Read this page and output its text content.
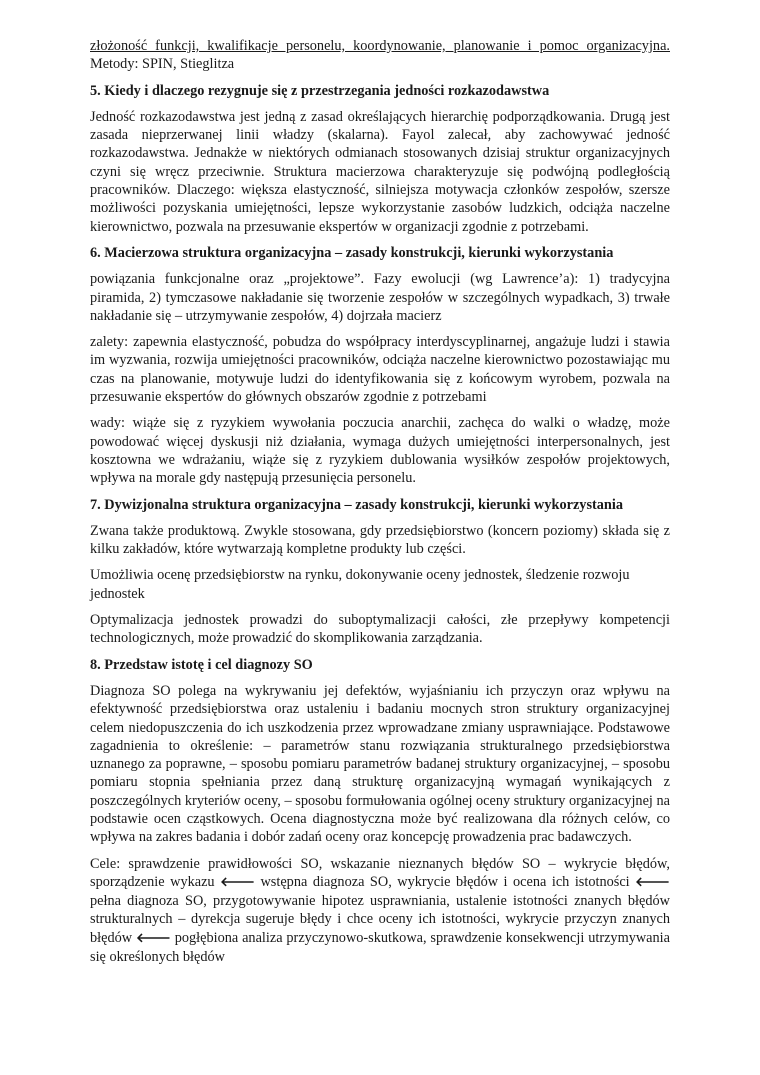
złożoność funkcji, kwalifikacje personelu, koordynowanie, planowanie i pomoc organizacyjna. Metody: SPIN, Stieglitza

5. Kiedy i dlaczego rezygnuje się z przestrzegania jedności rozkazodawstwa

Jedność rozkazodawstwa jest jedną z zasad określających hierarchię podporządkowania. Drugą jest zasada nieprzerwanej linii władzy (skalarna). Fayol zalecał, aby zachowywać jedność rozkazodawstwa. Jednakże w niektórych odmianach stosowanych dzisiaj struktur organizacyjnych czyni się wręcz przeciwnie. Struktura macierzowa charakteryzuje się podwójną podległością pracowników. Dlaczego: większa elastyczność, silniejsza motywacja członków zespołów, szersze możliwości pozyskania umiejętności, lepsze wykorzystanie zasobów ludzkich, odciąża naczelne kierownictwo, pozwala na przesuwanie ekspertów w organizacji zgodnie z potrzebami.

6. Macierzowa struktura organizacyjna – zasady konstrukcji, kierunki wykorzystania

powiązania funkcjonalne oraz „projektowe”. Fazy ewolucji (wg Lawrence’a): 1) tradycyjna piramida, 2) tymczasowe nakładanie się tworzenie zespołów w szczególnych wypadkach, 3) trwałe nakładanie się – utrzymywanie zespołów, 4) dojrzała macierz

zalety: zapewnia elastyczność, pobudza do współpracy interdyscyplinarnej, angażuje ludzi i stawia im wyzwania, rozwija umiejętności pracowników, odciąża naczelne kierownictwo pozostawiając mu czas na planowanie, motywuje ludzi do identyfikowania się z końcowym wyrobem, pozwala na przesuwanie ekspertów do głównych obszarów zgodnie z potrzebami

wady: wiąże się z ryzykiem wywołania poczucia anarchii, zachęca do walki o władzę, może powodować więcej dyskusji niż działania, wymaga dużych umiejętności interpersonalnych, jest kosztowna we wdrażaniu, wiąże się z ryzykiem dublowania wysiłków zespołów projektowych, wpływa na morale gdy następują przesunięcia personelu.

7. Dywizjonalna struktura organizacyjna – zasady konstrukcji, kierunki wykorzystania

Zwana także produktową. Zwykle stosowana, gdy przedsiębiorstwo (koncern poziomy) składa się z kilku zakładów, które wytwarzają kompletne produkty lub części.

Umożliwia ocenę przedsiębiorstw na rynku, dokonywanie oceny jednostek, śledzenie rozwoju jednostek

Optymalizacja jednostek prowadzi do suboptymalizacji całości, złe przepływy kompetencji technologicznych, może prowadzić do skomplikowania zarządzania.

8. Przedstaw istotę i cel diagnozy SO

Diagnoza SO polega na wykrywaniu jej defektów, wyjaśnianiu ich przyczyn oraz wpływu na efektywność przedsiębiorstwa oraz ustaleniu i badaniu mocnych stron struktury organizacyjnej celem niedopuszczenia do ich uszkodzenia przez wprowadzane zmiany usprawniające. Podstawowe zagadnienia to określenie: – parametrów stanu rozwiązania strukturalnego przedsiębiorstwa uznanego za poprawne, – sposobu pomiaru parametrów badanej struktury organizacyjnej, – sposobu pomiaru stopnia spełniania przez daną strukturę organizacyjną wymagań wynikających z poszczególnych kryteriów oceny, – sposobu formułowania ogólnej oceny struktury organizacyjnej na podstawie ocen cząstkowych. Ocena diagnostyczna może być realizowana dla różnych celów, co wpływa na zakres badania i dobór zadań oceny oraz koncepcję prowadzenia prac badawczych.

Cele: sprawdzenie prawidłowości SO, wskazanie nieznanych błędów SO – wykrycie błędów, sporządzenie wykazu 🡐 wstępna diagnoza SO, wykrycie błędów i ocena ich istotności 🡐 pełna diagnoza SO, przygotowywanie hipotez usprawniania, ustalenie istotności znanych błędów strukturalnych – dyrekcja sugeruje błędy i chce oceny ich istotności, wykrycie przyczyn znanych błędów 🡐 pogłębiona analiza przyczynowo-skutkowa, sprawdzenie konsekwencji utrzymywania się określonych błędów
